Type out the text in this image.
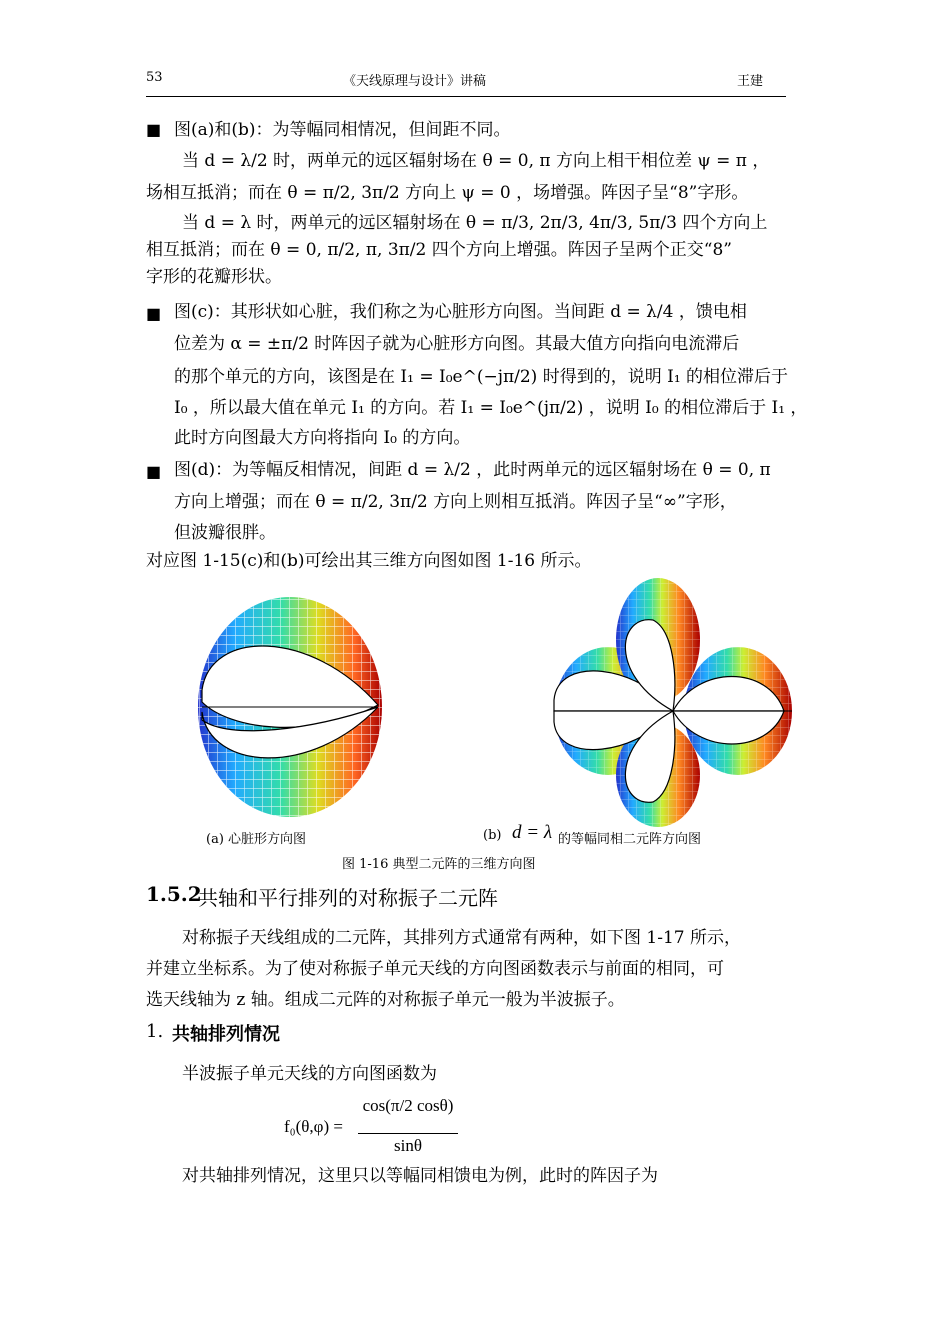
53	《天线原理与设计》讲稿	王建
■ 图(a)和(b)：为等幅同相情况，但间距不同。
当 d = λ/2 时，两单元的远区辐射场在 θ = 0, π 方向上相干相位差 ψ = π ，
场相互抵消；而在 θ = π/2, 3π/2 方向上 ψ = 0 ，场增强。阵因子呈“8”字形。
当 d = λ 时，两单元的远区辐射场在 θ = π/3, 2π/3, 4π/3, 5π/3 四个方向上
相互抵消；而在 θ = 0, π/2, π, 3π/2 四个方向上增强。阵因子呈两个正交“8”
字形的花瓣形状。
■ 图(c)：其形状如心脏，我们称之为心脏形方向图。当间距 d = λ/4 ，馈电相
位差为 α = ±π/2 时阵因子就为心脏形方向图。其最大值方向指向电流滞后
的那个单元的方向，该图是在 I₁ = I₀e^(−jπ/2) 时得到的，说明 I₁ 的相位滞后于
I₀ ，所以最大值在单元 I₁ 的方向。若 I₁ = I₀e^(jπ/2) ，说明 I₀ 的相位滞后于 I₁ ，
此时方向图最大方向将指向 I₀ 的方向。
■ 图(d)：为等幅反相情况，间距 d = λ/2 ，此时两单元的远区辐射场在 θ = 0, π
方向上增强；而在 θ = π/2, 3π/2 方向上则相互抵消。阵因子呈“∞”字形，
但波瓣很胖。
对应图 1-15(c)和(b)可绘出其三维方向图如图 1-16 所示。
(a) 心脏形方向图	(b) d = λ 的等幅同相二元阵方向图
图 1-16 典型二元阵的三维方向图
1.5.2
共轴和平行排列的对称振子二元阵
对称振子天线组成的二元阵，其排列方式通常有两种，如下图 1-17 所示，
并建立坐标系。为了使对称振子单元天线的方向图函数表示与前面的相同，可
选天线轴为 z 轴。组成二元阵的对称振子单元一般为半波振子。
1. 共轴排列情况
半波振子单元天线的方向图函数为
f₀(θ,φ) =
cos(π/2 cosθ)
sinθ
对共轴排列情况，这里只以等幅同相馈电为例，此时的阵因子为
